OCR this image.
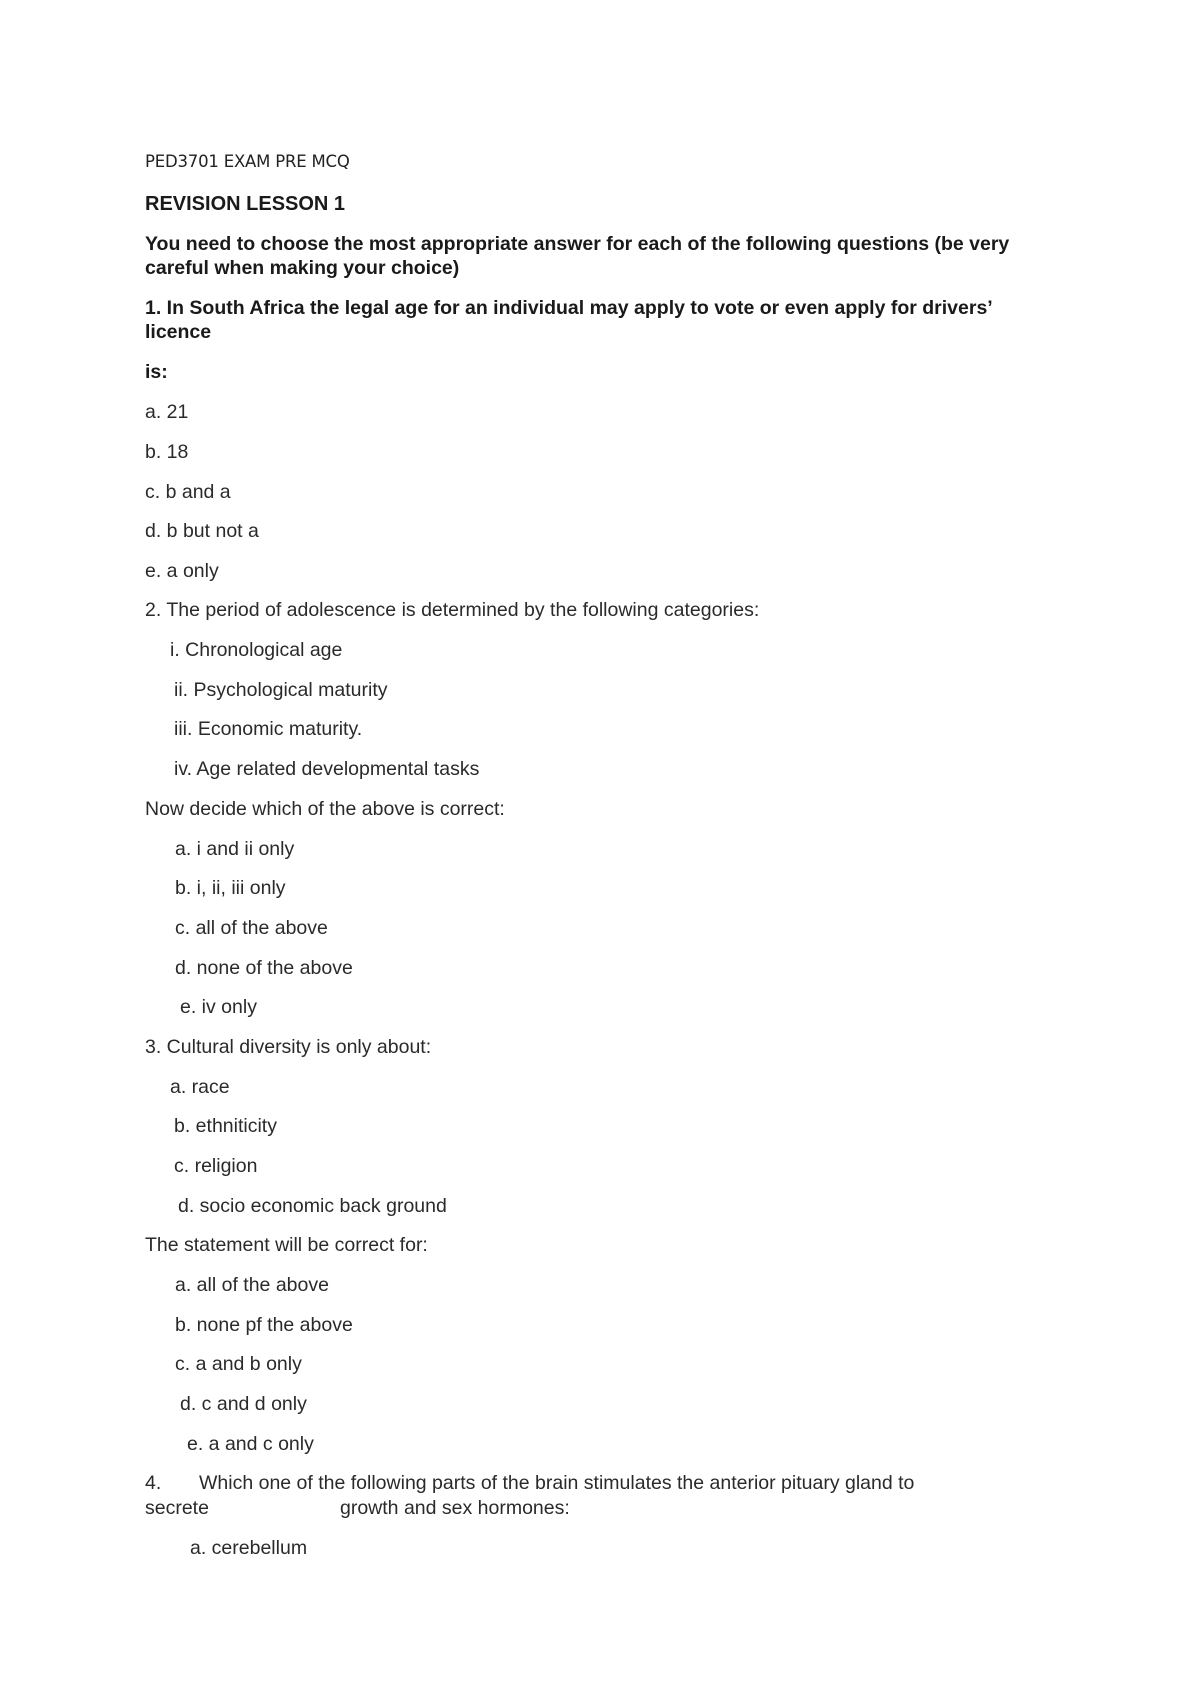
PED3701 EXAM PRE MCQ
REVISION LESSON 1
You need to choose the most appropriate answer for each of the following questions (be very careful when making your choice)
1. In South Africa the legal age for an individual may apply to vote or even apply for drivers’ licence
is:
a. 21
b. 18
c. b and a
d. b but not a
e. a only
2. The period of adolescence is determined by the following categories:
i. Chronological age
ii. Psychological maturity
iii. Economic maturity.
iv. Age related developmental tasks
Now decide which of the above is correct:
a. i and ii only
b. i, ii, iii only
c. all of the above
d. none of the above
e. iv only
3. Cultural diversity is only about:
a. race
b. ethniticity
c. religion
d. socio economic back ground
The statement will be correct for:
a. all of the above
b. none pf the above
c. a and b only
d. c and d only
e. a and c only
4. Which one of the following parts of the brain stimulates the anterior pituary gland to
secrete	growth and sex hormones:
a. cerebellum
